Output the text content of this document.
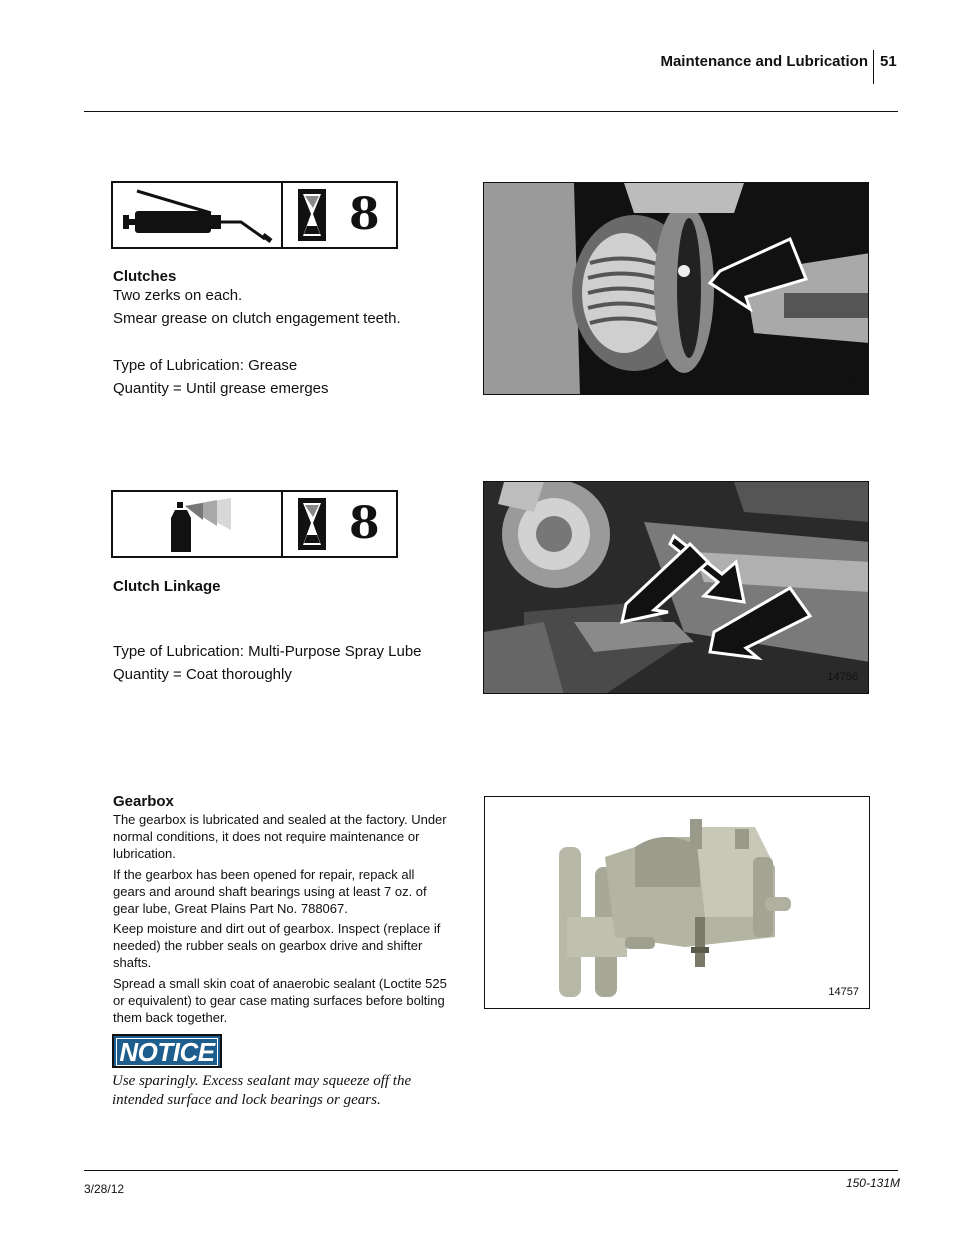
Maintenance and Lubrication 51
8
Clutches
Two zerks on each.
Smear grease on clutch engagement teeth.
Type of Lubrication: Grease
Quantity = Until grease emerges
14755
8
Clutch Linkage
Type of Lubrication: Multi-Purpose Spray Lube
Quantity = Coat thoroughly	14756
Gearbox
The gearbox is lubricated and sealed at the factory. Under normal conditions, it does not require maintenance or lubrication.
If the gearbox has been opened for repair, repack all gears and around shaft bearings using at least 7 oz. of gear lube, Great Plains Part No. 788067.
Keep moisture and dirt out of gearbox. Inspect (replace if needed) the rubber seals on gearbox drive and shifter shafts.
Spread a small skin coat of anaerobic sealant (Loctite 525 or equivalent) to gear case mating surfaces before bolting them back together.
14757
NOTICE
Use sparingly. Excess sealant may squeeze off the intended surface and lock bearings or gears.
3/28/12	150-131M
